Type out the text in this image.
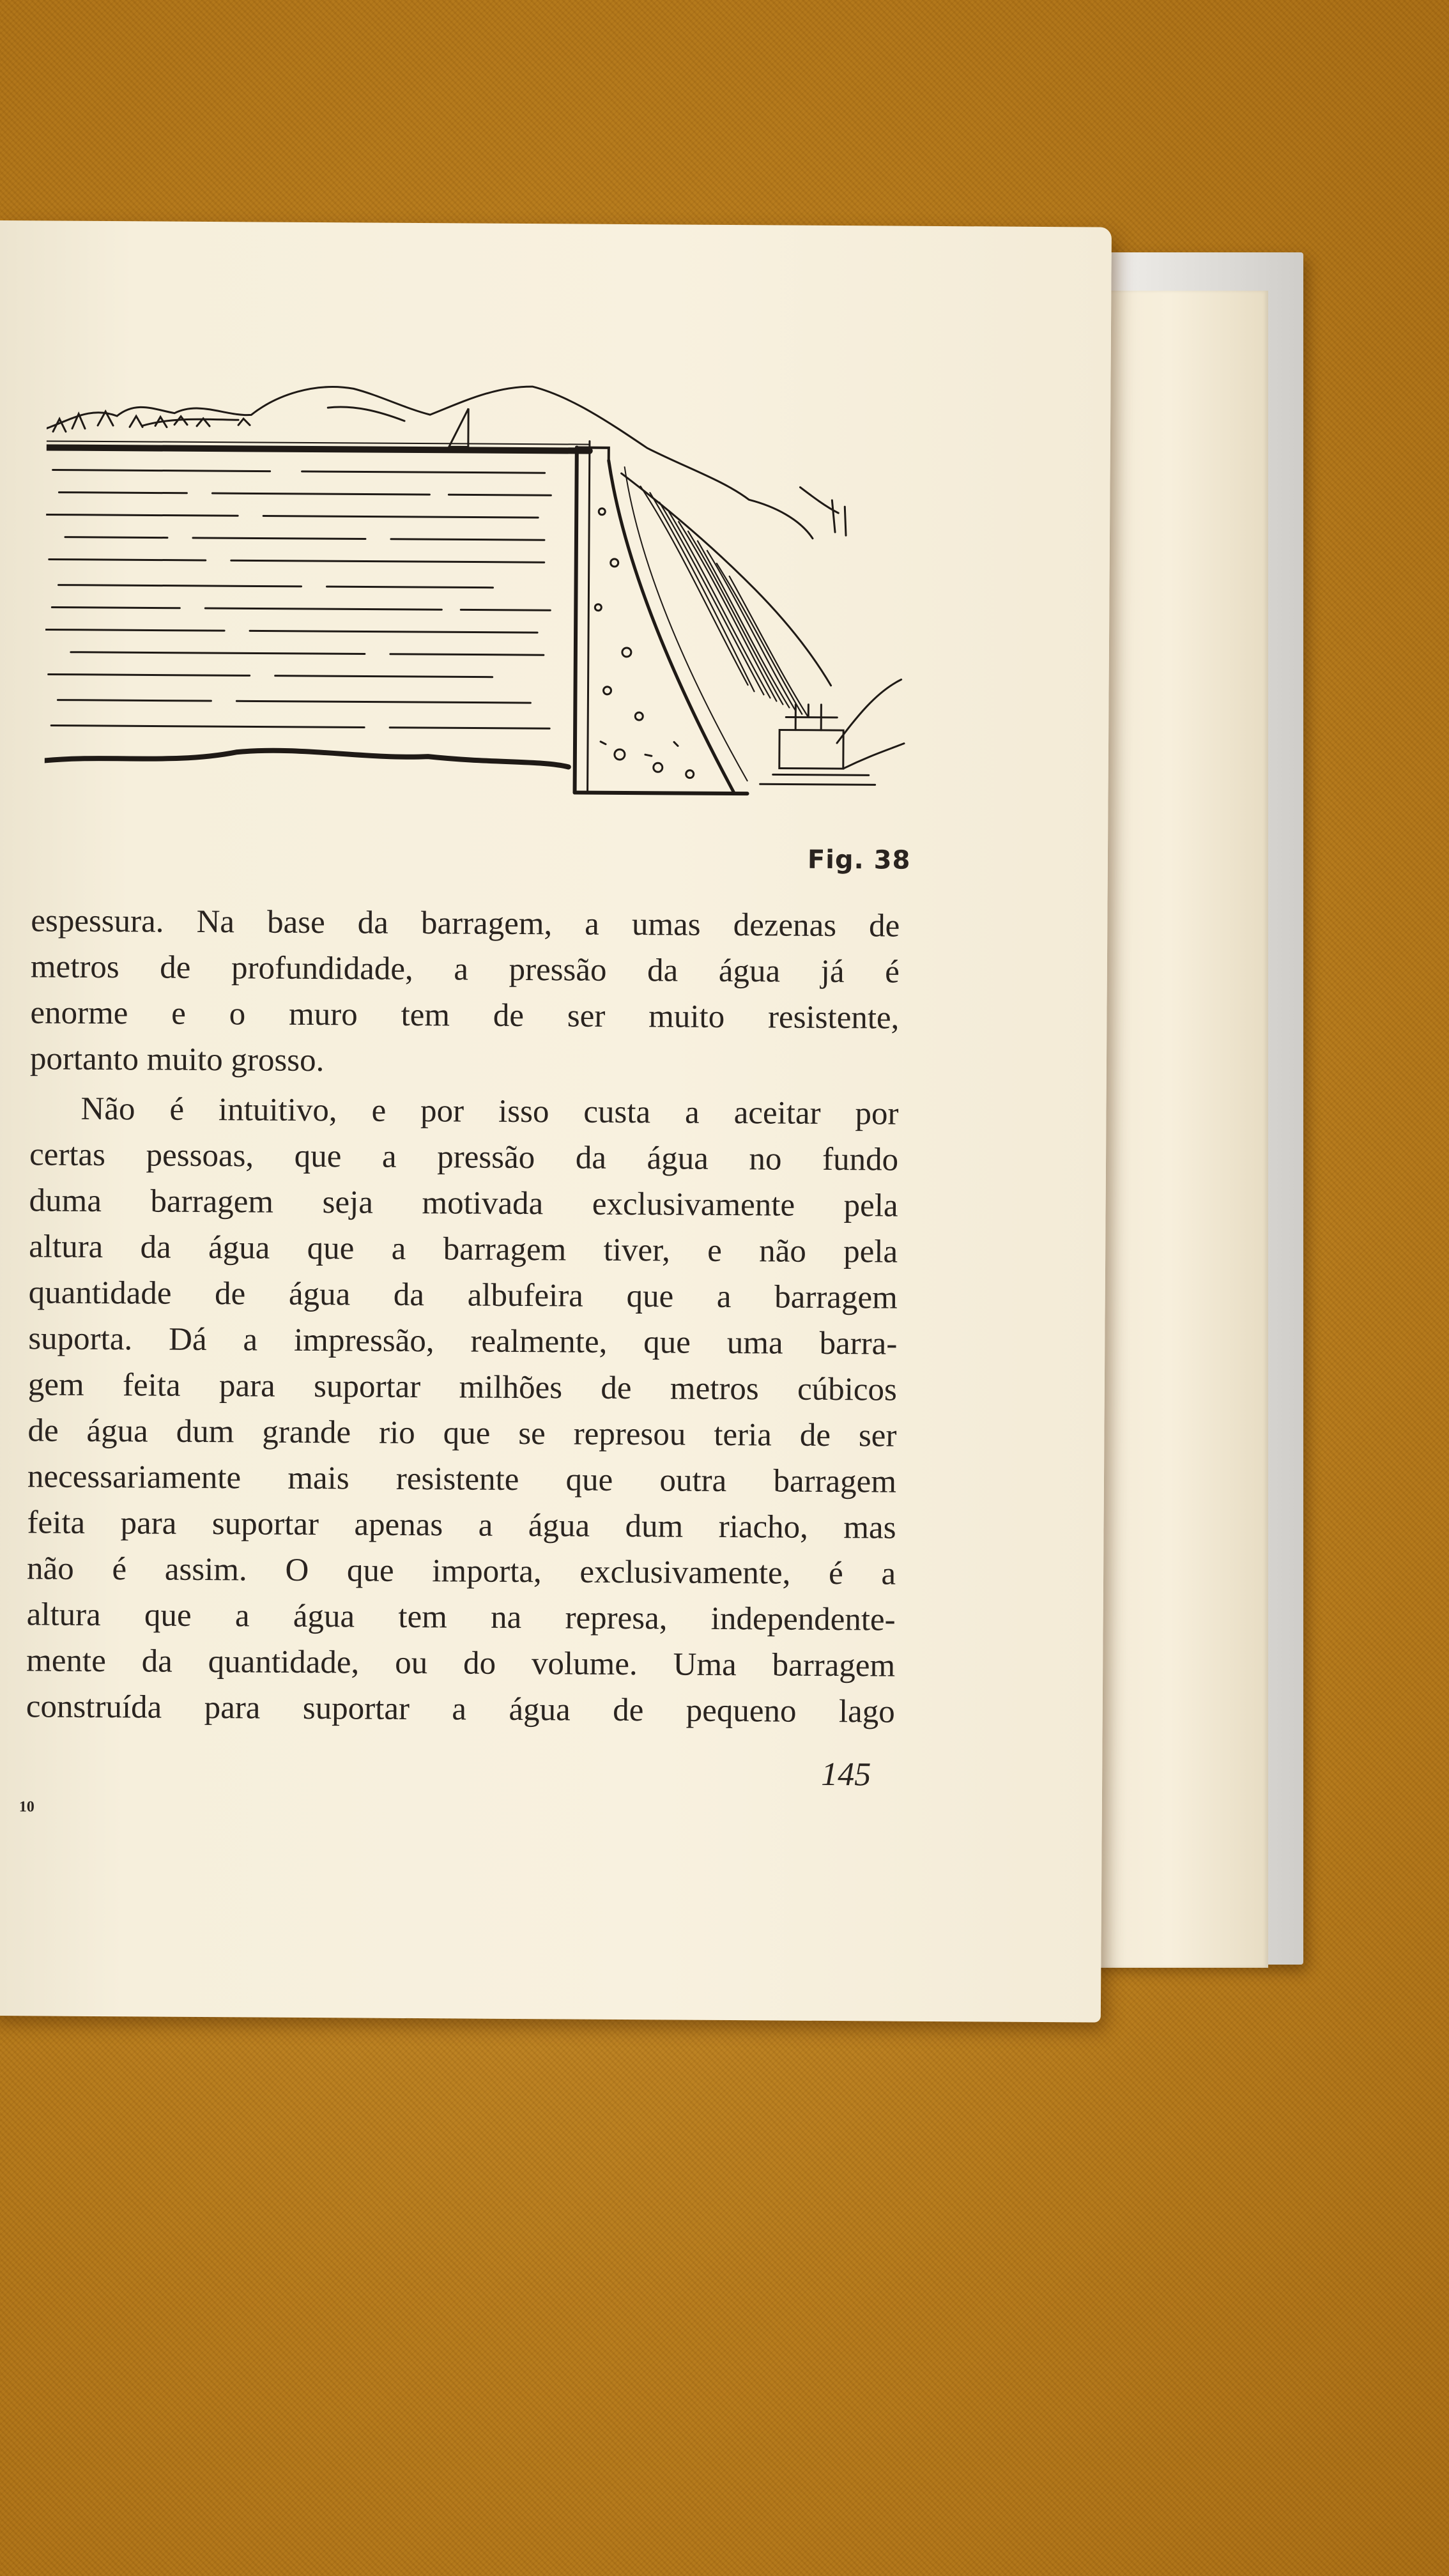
Fig. 38

espessura. Na base da barragem, a umas dezenas de
metros de profundidade, a pressão da água já é
enorme e o muro tem de ser muito resistente,
portanto muito grosso.

Não é intuitivo, e por isso custa a aceitar por
certas pessoas, que a pressão da água no fundo
duma barragem seja motivada exclusivamente pela
altura da água que a barragem tiver, e não pela
quantidade de água da albufeira que a barragem
suporta. Dá a impressão, realmente, que uma barra-
gem feita para suportar milhões de metros cúbicos
de água dum grande rio que se represou teria de ser
necessariamente mais resistente que outra barragem
feita para suportar apenas a água dum riacho, mas
não é assim. O que importa, exclusivamente, é a
altura que a água tem na represa, independente-
mente da quantidade, ou do volume. Uma barragem
construída para suportar a água de pequeno lago

10
145
